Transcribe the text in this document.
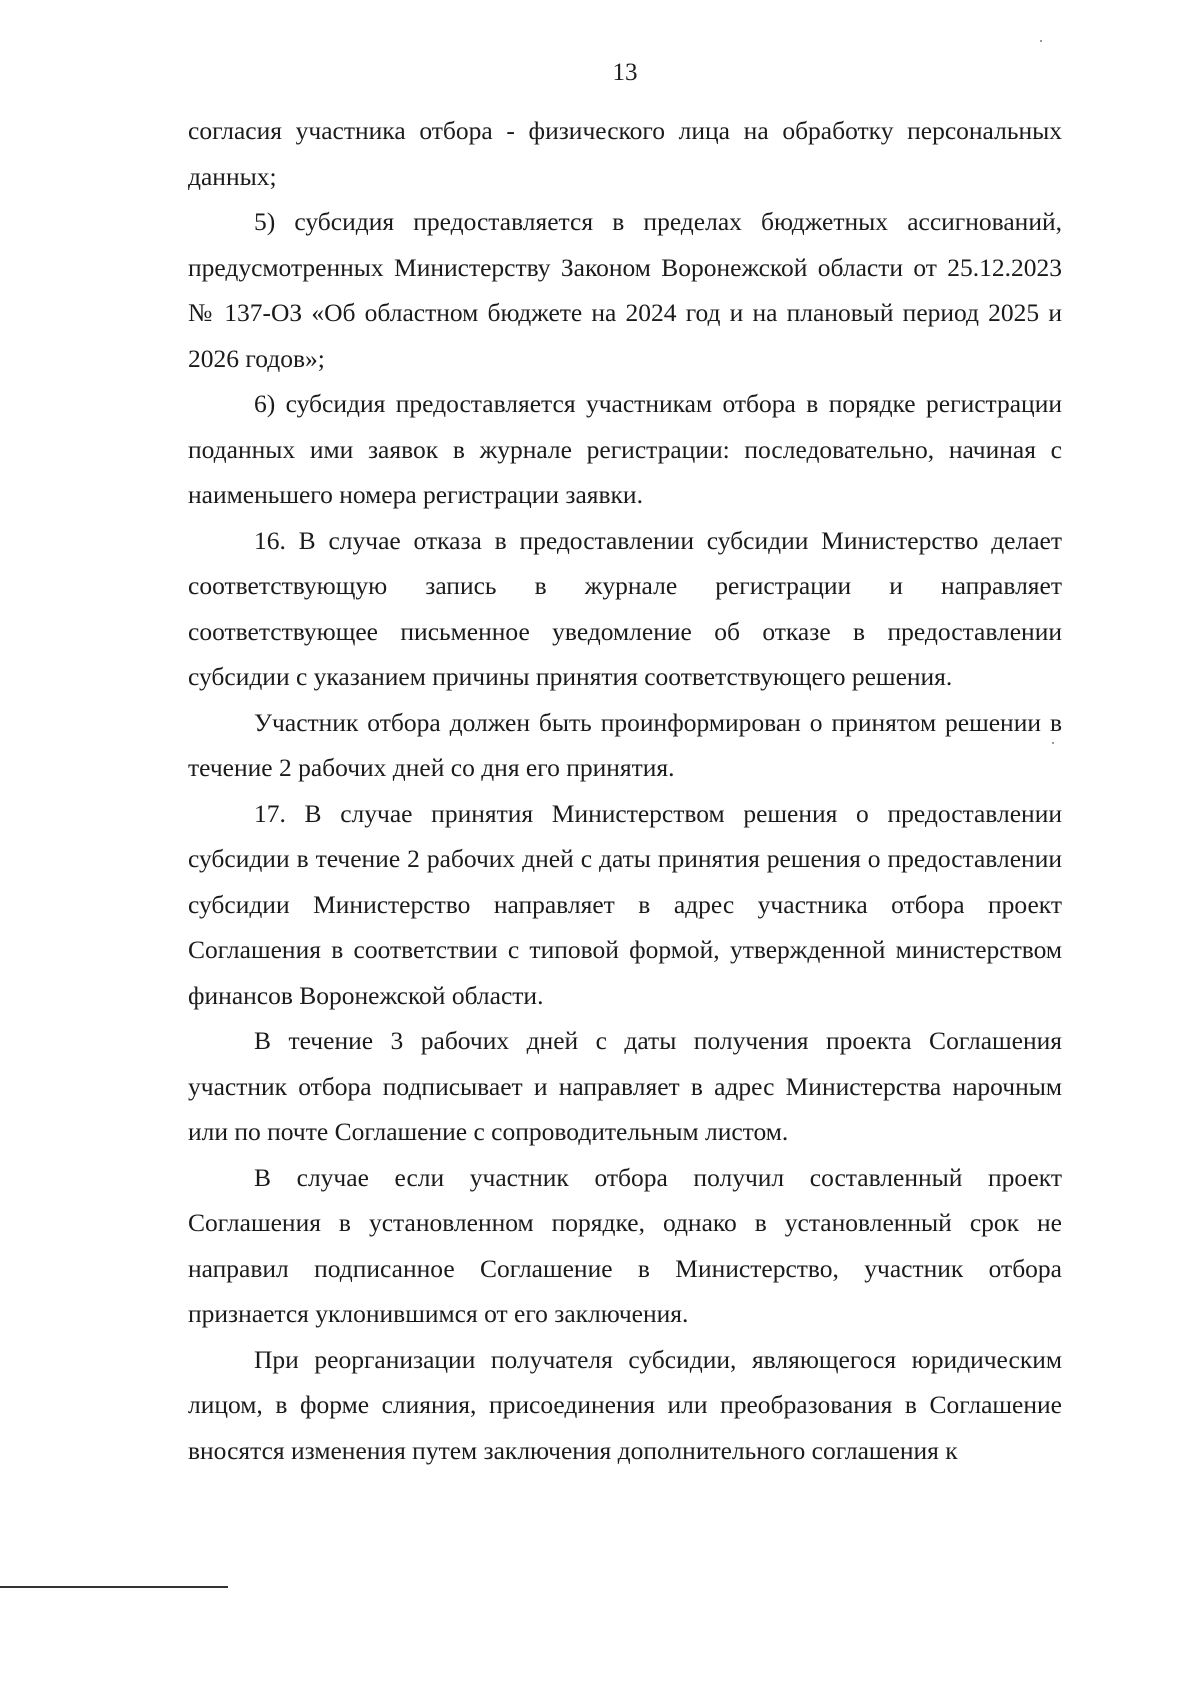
13

согласия участника отбора - физического лица на обработку персональных данных;

5) субсидия предоставляется в пределах бюджетных ассигнований, предусмотренных Министерству Законом Воронежской области от 25.12.2023 № 137-ОЗ «Об областном бюджете на 2024 год и на плановый период 2025 и 2026 годов»;

6) субсидия предоставляется участникам отбора в порядке регистрации поданных ими заявок в журнале регистрации: последовательно, начиная с наименьшего номера регистрации заявки.

16. В случае отказа в предоставлении субсидии Министерство делает соответствующую запись в журнале регистрации и направляет соответствующее письменное уведомление об отказе в предоставлении субсидии с указанием причины принятия соответствующего решения.

Участник отбора должен быть проинформирован о принятом решении в течение 2 рабочих дней со дня его принятия.

17. В случае принятия Министерством решения о предоставлении субсидии в течение 2 рабочих дней с даты принятия решения о предоставлении субсидии Министерство направляет в адрес участника отбора проект Соглашения в соответствии с типовой формой, утвержденной министерством финансов Воронежской области.

В течение 3 рабочих дней с даты получения проекта Соглашения участник отбора подписывает и направляет в адрес Министерства нарочным или по почте Соглашение с сопроводительным листом.

В случае если участник отбора получил составленный проект Соглашения в установленном порядке, однако в установленный срок не направил подписанное Соглашение в Министерство, участник отбора признается уклонившимся от его заключения.

При реорганизации получателя субсидии, являющегося юридическим лицом, в форме слияния, присоединения или преобразования в Соглашение вносятся изменения путем заключения дополнительного соглашения к
